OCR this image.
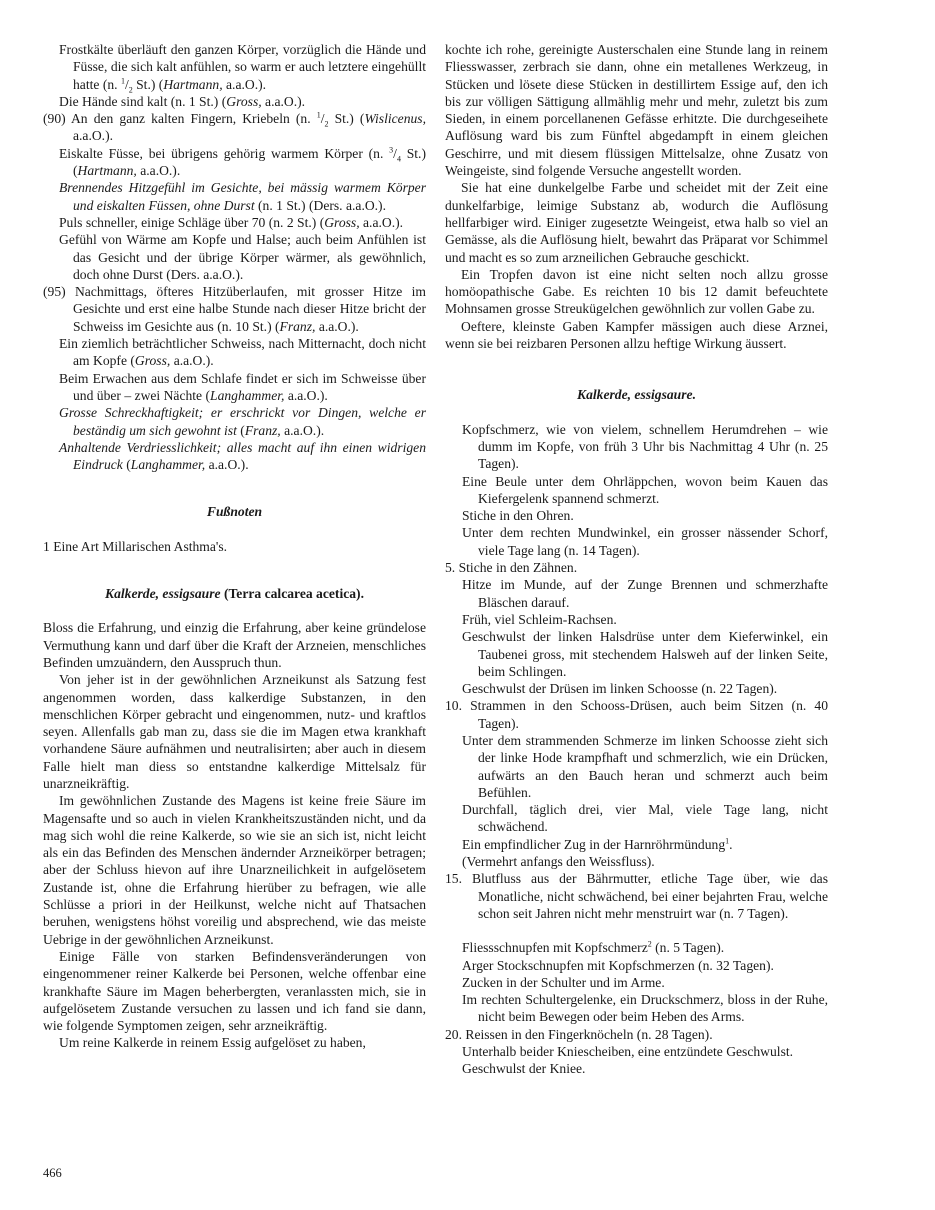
Frostkälte überläuft den ganzen Körper, vorzüglich die Hände und Füsse, die sich kalt anfühlen, so warm er auch letztere eingehüllt hatte (n. $^1/_2$ St.) (Hartmann, a.a.O.).

Die Hände sind kalt (n. 1 St.) (Gross, a.a.O.).

(90) An den ganz kalten Fingern, Kriebeln (n. $^1/_2$ St.) (Wislicenus, a.a.O.).

Eiskalte Füsse, bei übrigens gehörig warmem Körper (n. $^3/_4$ St.) (Hartmann, a.a.O.).

Brennendes Hitzgefühl im Gesichte, bei mässig warmem Körper und eiskalten Füssen, ohne Durst (n. 1 St.) (Ders. a.a.O.).

Puls schneller, einige Schläge über 70 (n. 2 St.) (Gross, a.a.O.).

Gefühl von Wärme am Kopfe und Halse; auch beim Anfühlen ist das Gesicht und der übrige Körper wärmer, als gewöhnlich, doch ohne Durst (Ders. a.a.O.).

(95) Nachmittags, öfteres Hitzüberlaufen, mit grosser Hitze im Gesichte und erst eine halbe Stunde nach dieser Hitze bricht der Schweiss im Gesichte aus (n. 10 St.) (Franz, a.a.O.).

Ein ziemlich beträchtlicher Schweiss, nach Mitternacht, doch nicht am Kopfe (Gross, a.a.O.).

Beim Erwachen aus dem Schlafe findet er sich im Schweisse über und über – zwei Nächte (Langhammer, a.a.O.).

Grosse Schreckhaftigkeit; er erschrickt vor Dingen, welche er beständig um sich gewohnt ist (Franz, a.a.O.).

Anhaltende Verdriesslichkeit; alles macht auf ihn einen widrigen Eindruck (Langhammer, a.a.O.).

Fußnoten

1 Eine Art Millarischen Asthma's.

Kalkerde, essigsaure (Terra calcarea acetica).

Bloss die Erfahrung, und einzig die Erfahrung, aber keine gründelose Vermuthung kann und darf über die Kraft der Arzneien, menschliches Befinden umzuändern, den Ausspruch thun.

Von jeher ist in der gewöhnlichen Arzneikunst als Satzung fest angenommen worden, dass kalkerdige Substanzen, in den menschlichen Körper gebracht und eingenommen, nutz- und kraftlos seyen. Allenfalls gab man zu, dass sie die im Magen etwa krankhaft vorhandene Säure aufnähmen und neutralisirten; aber auch in diesem Falle hielt man diess so entstandne kalkerdige Mittelsalz für unarzneikräftig.

Im gewöhnlichen Zustande des Magens ist keine freie Säure im Magensafte und so auch in vielen Krankheitszuständen nicht, und da mag sich wohl die reine Kalkerde, so wie sie an sich ist, nicht leicht als ein das Befinden des Menschen ändernder Arzneikörper betragen; aber der Schluss hievon auf ihre Unarzneilichkeit in aufgelösetem Zustande ist, ohne die Erfahrung hierüber zu befragen, wie alle Schlüsse a priori in der Heilkunst, welche nicht auf Thatsachen beruhen, wenigstens höhst voreilig und absprechend, wie das meiste Uebrige in der gewöhnlichen Arzneikunst.

Einige Fälle von starken Befindensveränderungen von eingenommener reiner Kalkerde bei Personen, welche offenbar eine krankhafte Säure im Magen beherbergten, veranlassten mich, sie in aufgelösetem Zustande versuchen zu lassen und ich fand sie dann, wie folgende Symptomen zeigen, sehr arzneikräftig.

Um reine Kalkerde in reinem Essig aufgelöset zu haben,

kochte ich rohe, gereinigte Austerschalen eine Stunde lang in reinem Fliesswasser, zerbrach sie dann, ohne ein metallenes Werkzeug, in Stücken und lösete diese Stücken in destillirtem Essige auf, den ich bis zur völligen Sättigung allmählig mehr und mehr, zuletzt bis zum Sieden, in einem porcellanenen Gefässe erhitzte. Die durchgeseihete Auflösung ward bis zum Fünftel abgedampft in einem gleichen Geschirre, und mit diesem flüssigen Mittelsalze, ohne Zusatz von Weingeiste, sind folgende Versuche angestellt worden.

Sie hat eine dunkelgelbe Farbe und scheidet mit der Zeit eine dunkelfarbige, leimige Substanz ab, wodurch die Auflösung hellfarbiger wird. Einiger zugesetzte Weingeist, etwa halb so viel an Gemässe, als die Auflösung hielt, bewahrt das Präparat vor Schimmel und macht es so zum arzneilichen Gebrauche geschickt.

Ein Tropfen davon ist eine nicht selten noch allzu grosse homöopathische Gabe. Es reichten 10 bis 12 damit befeuchtete Mohnsamen grosse Streukügelchen gewöhnlich zur vollen Gabe zu.

Oeftere, kleinste Gaben Kampfer mässigen auch diese Arznei, wenn sie bei reizbaren Personen allzu heftige Wirkung äussert.

Kalkerde, essigsaure.

Kopfschmerz, wie von vielem, schnellem Herumdrehen – wie dumm im Kopfe, von früh 3 Uhr bis Nachmittag 4 Uhr (n. 25 Tagen).

Eine Beule unter dem Ohrläppchen, wovon beim Kauen das Kiefergelenk spannend schmerzt.

Stiche in den Ohren.

Unter dem rechten Mundwinkel, ein grosser nässender Schorf, viele Tage lang (n. 14 Tagen).

5. Stiche in den Zähnen.

Hitze im Munde, auf der Zunge Brennen und schmerzhafte Bläschen darauf.

Früh, viel Schleim-Rachsen.

Geschwulst der linken Halsdrüse unter dem Kieferwinkel, ein Taubenei gross, mit stechendem Halsweh auf der linken Seite, beim Schlingen.

Geschwulst der Drüsen im linken Schoosse (n. 22 Tagen).

10. Strammen in den Schooss-Drüsen, auch beim Sitzen (n. 40 Tagen).

Unter dem strammenden Schmerze im linken Schoosse zieht sich der linke Hode krampfhaft und schmerzlich, wie ein Drücken, aufwärts an den Bauch heran und schmerzt auch beim Befühlen.

Durchfall, täglich drei, vier Mal, viele Tage lang, nicht schwächend.

Ein empfindlicher Zug in der Harnröhrmündung$^1$.

(Vermehrt anfangs den Weissfluss).

15. Blutfluss aus der Bährmutter, etliche Tage über, wie das Monatliche, nicht schwächend, bei einer bejahrten Frau, welche schon seit Jahren nicht mehr menstruirt war (n. 7 Tagen).

Fliessschnupfen mit Kopfschmerz$^2$ (n. 5 Tagen).

Arger Stockschnupfen mit Kopfschmerzen (n. 32 Tagen).

Zucken in der Schulter und im Arme.

Im rechten Schultergelenke, ein Druckschmerz, bloss in der Ruhe, nicht beim Bewegen oder beim Heben des Arms.

20. Reissen in den Fingerknöcheln (n. 28 Tagen).

Unterhalb beider Kniescheiben, eine entzündete Geschwulst.

Geschwulst der Kniee.

466
